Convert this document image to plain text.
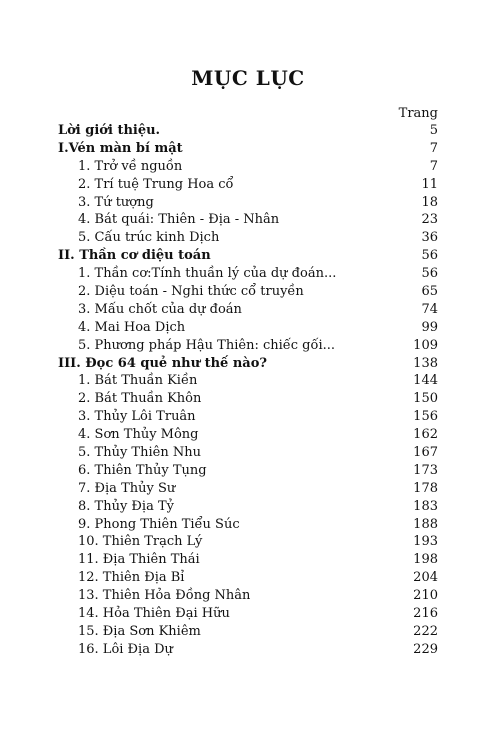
MỤC LỤC
Trang
Lời giới thiệu.	5
I.Vén màn bí mật	7
1. Trở về nguồn	7
2. Trí tuệ Trung Hoa cổ	11
3. Tứ tượng	18
4. Bát quái: Thiên - Địa - Nhân	23
5. Cấu trúc kinh Dịch	36
II. Thần cơ diệu toán	56
1. Thần cơ:Tính thuần lý của dự đoán...	56
2. Diệu toán - Nghi thức cổ truyền	65
3. Mấu chốt của dự đoán	74
4. Mai Hoa Dịch	99
5. Phương pháp Hậu Thiên: chiếc gối...	109
III. Đọc 64 quẻ như thế nào?	138
1. Bát Thuần Kiền	144
2. Bát Thuần Khôn	150
3. Thủy Lôi Truân	156
4. Sơn Thủy Mông	162
5. Thủy Thiên Nhu	167
6. Thiên Thủy Tụng	173
7. Địa Thủy Sư	178
8. Thủy Địa Tỷ	183
9. Phong Thiên Tiểu Súc	188
10. Thiên Trạch Lý	193
11. Địa Thiên Thái	198
12. Thiên Địa Bỉ	204
13. Thiên Hỏa Đồng Nhân	210
14. Hỏa Thiên Đại Hữu	216
15. Địa Sơn Khiêm	222
16. Lôi Địa Dự	229
